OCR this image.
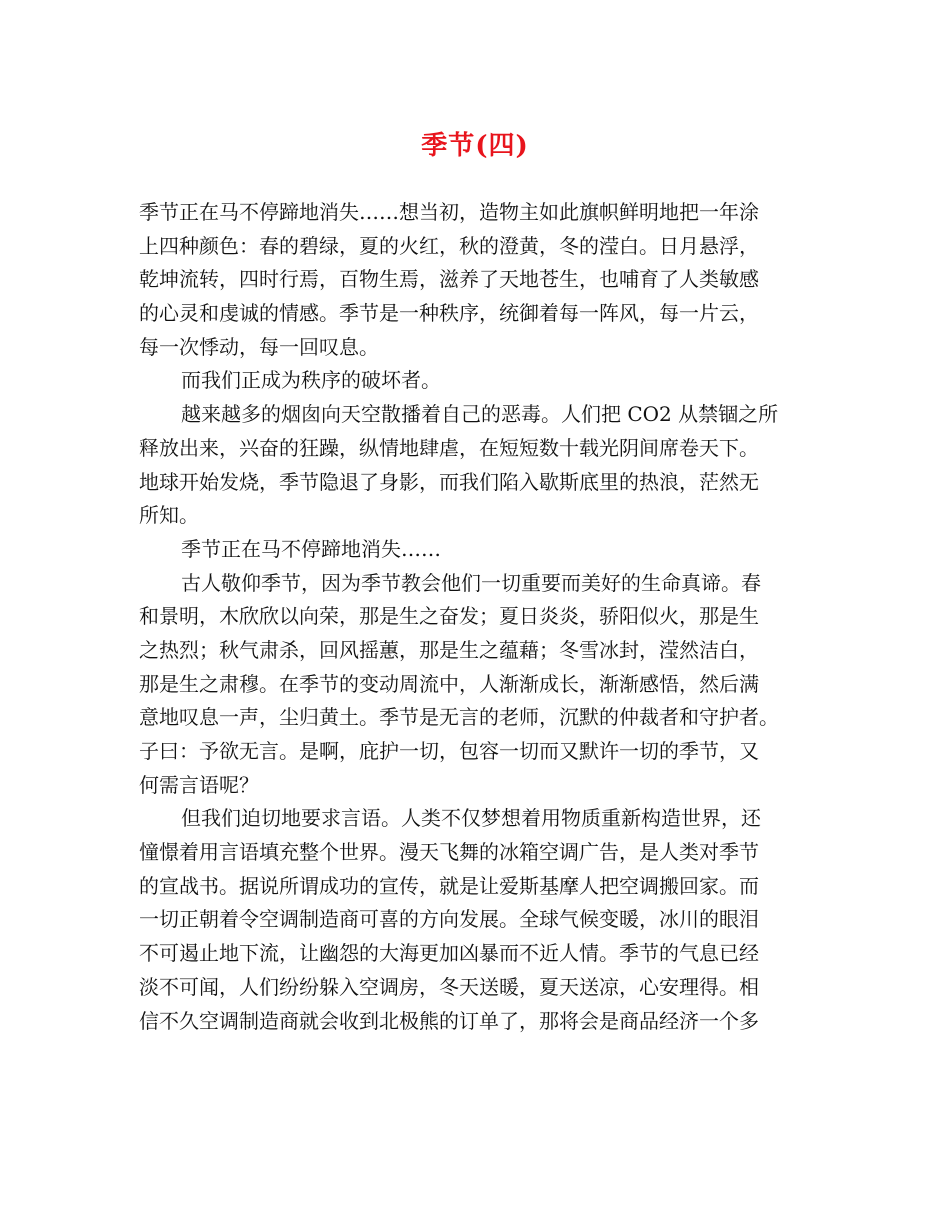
季节(四)
季节正在马不停蹄地消失……想当初，造物主如此旗帜鲜明地把一年涂
上四种颜色：春的碧绿，夏的火红，秋的澄黄，冬的滢白。日月悬浮，
乾坤流转，四时行焉，百物生焉，滋养了天地苍生，也哺育了人类敏感
的心灵和虔诚的情感。季节是一种秩序，统御着每一阵风，每一片云，
每一次悸动，每一回叹息。
而我们正成为秩序的破坏者。
越来越多的烟囱向天空散播着自己的恶毒。人们把 CO2 从禁锢之所
释放出来，兴奋的狂躁，纵情地肆虐，在短短数十载光阴间席卷天下。
地球开始发烧，季节隐退了身影，而我们陷入歇斯底里的热浪，茫然无
所知。
季节正在马不停蹄地消失……
古人敬仰季节，因为季节教会他们一切重要而美好的生命真谛。春
和景明，木欣欣以向荣，那是生之奋发；夏日炎炎，骄阳似火，那是生
之热烈；秋气肃杀，回风摇蕙，那是生之蕴藉；冬雪冰封，滢然洁白，
那是生之肃穆。在季节的变动周流中，人渐渐成长，渐渐感悟，然后满
意地叹息一声，尘归黄土。季节是无言的老师，沉默的仲裁者和守护者。
子曰：予欲无言。是啊，庇护一切，包容一切而又默许一切的季节，又
何需言语呢？
但我们迫切地要求言语。人类不仅梦想着用物质重新构造世界，还
憧憬着用言语填充整个世界。漫天飞舞的冰箱空调广告，是人类对季节
的宣战书。据说所谓成功的宣传，就是让爱斯基摩人把空调搬回家。而
一切正朝着令空调制造商可喜的方向发展。全球气候变暖，冰川的眼泪
不可遏止地下流，让幽怨的大海更加凶暴而不近人情。季节的气息已经
淡不可闻，人们纷纷躲入空调房，冬天送暖，夏天送凉，心安理得。相
信不久空调制造商就会收到北极熊的订单了，那将会是商品经济一个多
